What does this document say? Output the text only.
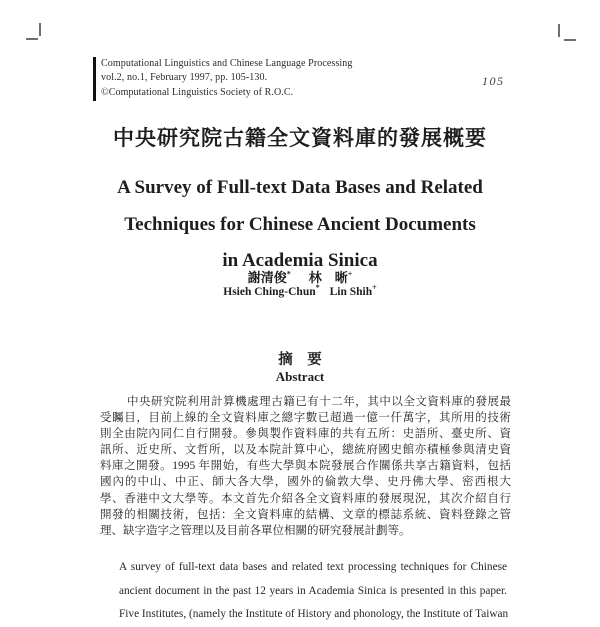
Computational Linguistics and Chinese Language Processing
vol.2, no.1, February 1997, pp. 105-130.
©Computational Linguistics Society of R.O.C.
105
中央研究院古籍全文資料庫的發展概要
A Survey of Full-text Data Bases and Related
Techniques for Chinese Ancient Documents
in Academia Sinica
謝清俊* 林　晰+
Hsieh Ching-Chun* Lin Shih+
摘　要
Abstract
中央研究院利用計算機處理古籍已有十二年，其中以全文資料庫的發展最
受矚目，目前上線的全文資料庫之總字數已超過一億一仟萬字，其所用的技術
則全由院內同仁自行開發。參與製作資料庫的共有五所：史語所、臺史所、資
訊所、近史所、文哲所，以及本院計算中心，總統府國史館亦積極參與清史資
料庫之開發。1995 年開始，有些大學與本院發展合作關係共享古籍資料，包括
國內的中山、中正、師大各大學，國外的倫敦大學、史丹佛大學、密西根大
學、香港中文大學等。本文首先介紹各全文資料庫的發展現況，其次介紹自行
開發的相關技術，包括：全文資料庫的結構、文章的標誌系統、資料登錄之管
理、缺字造字之管理以及目前各單位相關的研究發展計劃等。
A survey of full-text data bases and related text processing techniques for Chinese
ancient document in the past 12 years in Academia Sinica is presented in this paper.
Five Institutes, (namely the Institute of History and phonology, the Institute of Taiwan
